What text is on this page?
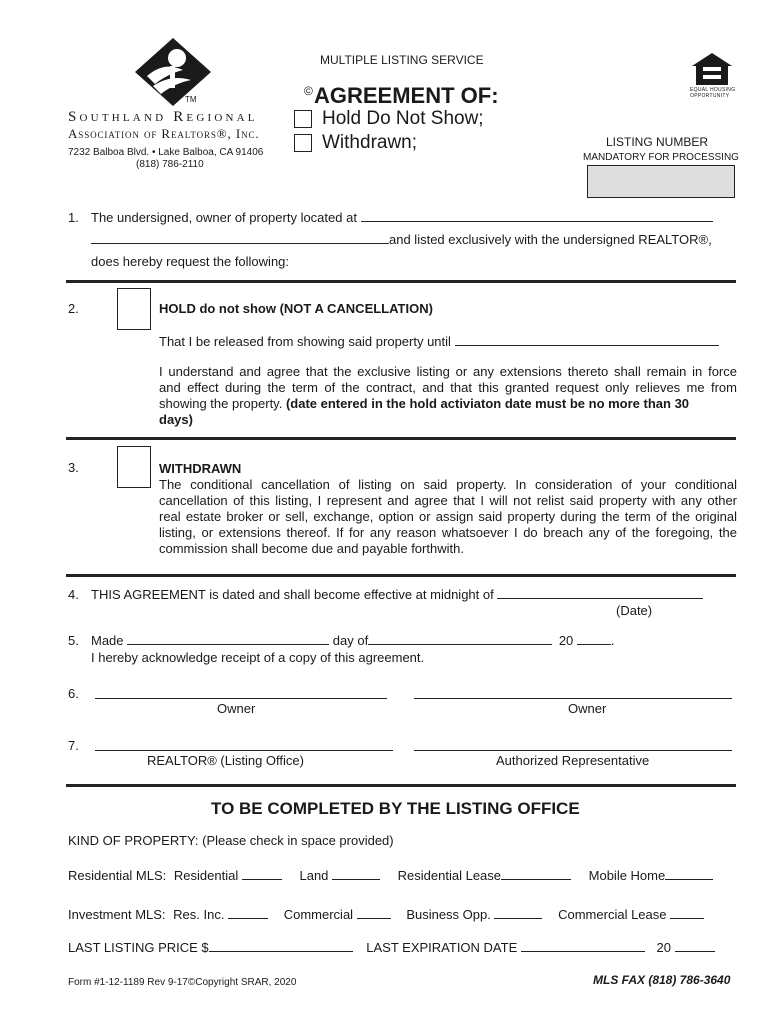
TM
Southland Regional
Association of Realtors®, Inc.
7232 Balboa Blvd. • Lake Balboa, CA 91406
(818) 786-2110
MULTIPLE LISTING SERVICE
© AGREEMENT OF:
Hold Do Not Show;
Withdrawn;
EQUAL HOUSING
OPPORTUNITY
LISTING NUMBER
MANDATORY FOR PROCESSING
1. The undersigned, owner of property located at
and listed exclusively with the undersigned REALTOR®,
does hereby request the following:
2.	HOLD do not show (NOT A CANCELLATION)
That I be released from showing said property until
I understand and agree that the exclusive listing or any extensions thereto shall remain in force
and effect during the term of the contract, and that this granted request only relieves me from
showing the property. (date entered in the hold activiaton date must be no more than 30
days)
3.	WITHDRAWN
The conditional cancellation of listing on said property. In consideration of your conditional
cancellation of this listing, I represent and agree that I will not relist said property with any other
real estate broker or sell, exchange, option or assign said property during the term of the original
listing, or extensions thereof. If for any reason whatsoever I do breach any of the foregoing, the
commission shall become due and payable forthwith.
4. THIS AGREEMENT is dated and shall become effective at midnight of
(Date)
5. Made	day of	20	.
I hereby acknowledge receipt of a copy of this agreement.
6.
Owner	Owner
7.
REALTOR® (Listing Office)	Authorized Representative
TO BE COMPLETED BY THE LISTING OFFICE
KIND OF PROPERTY: (Please check in space provided)
Residential MLS: Residential	Land	Residential Lease	Mobile Home
Investment MLS: Res. Inc.	Commercial	Business Opp.	Commercial Lease
LAST LISTING PRICE $	LAST EXPIRATION DATE	20
Form #1-12-1189 Rev 9-17©Copyright SRAR, 2020	MLS FAX (818) 786-3640
